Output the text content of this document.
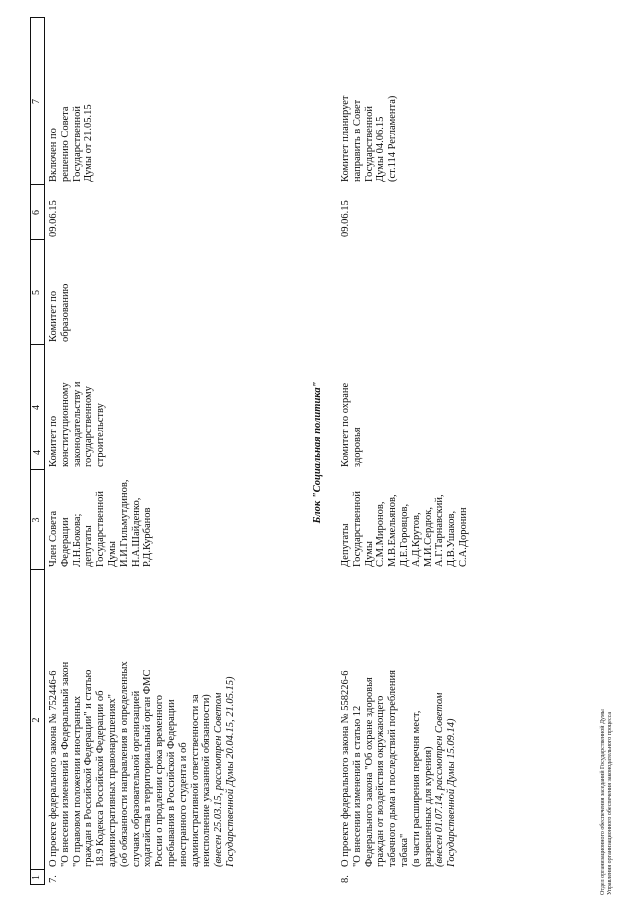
4
1
2
3
4
5
6
7
7.
О проекте федерального закона № 752446-6
"О внесении изменений в Федеральный закон
"О правовом положении иностранных
граждан в Российской Федерации" и статью
18.9 Кодекса Российской Федерации об
административных правонарушениях"
(об обязанности направления в определенных
случаях образовательной организацией
ходатайства в территориальный орган ФМС
России о продлении срока временного
пребывания в Российской Федерации
иностранного студента и об
административной ответственности за
неисполнение указанной обязанности)
(внесен 25.03.15, рассмотрен Советом
Государственной Думы 20.04.15, 21.05.15)
Член Совета
Федерации
Л.Н.Бокова;
депутаты
Государственной
Думы
И.И.Гильмутдинов,
Н.А.Шайденко,
Р.Д.Курбанов
Комитет по
конституционному
законодательству и
государственному
строительству
Комитет по
образованию
09.06.15
Включен по
решению Совета
Государственной
Думы от 21.05.15
Блок "Социальная политика"
8.
О проекте федерального закона № 558226-6
"О внесении изменений в статью 12
Федерального закона "Об охране здоровья
граждан от воздействия окружающего
табачного дыма и последствий потребления
табака"
(в части расширения перечня мест,
разрешенных для курения)
(внесен 01.07.14, рассмотрен Советом
Государственной Думы 15.09.14)
Депутаты
Государственной
Думы
С.М.Миронов,
М.В.Емельянов,
Д.Е.Горовцов,
А.Д.Крутов,
М.И.Сердюк,
А.Г.Тарнавский,
Д.В.Ушаков,
С.А.Доронин
Комитет по охране
здоровья
09.06.15
Комитет планирует
направить в Совет
Государственной
Думы 04.06.15
(ст.114 Регламента)
Отдел организационного обеспечения заседаний Государственной Думы
Управления организационного обеспечения законодательного процесса
